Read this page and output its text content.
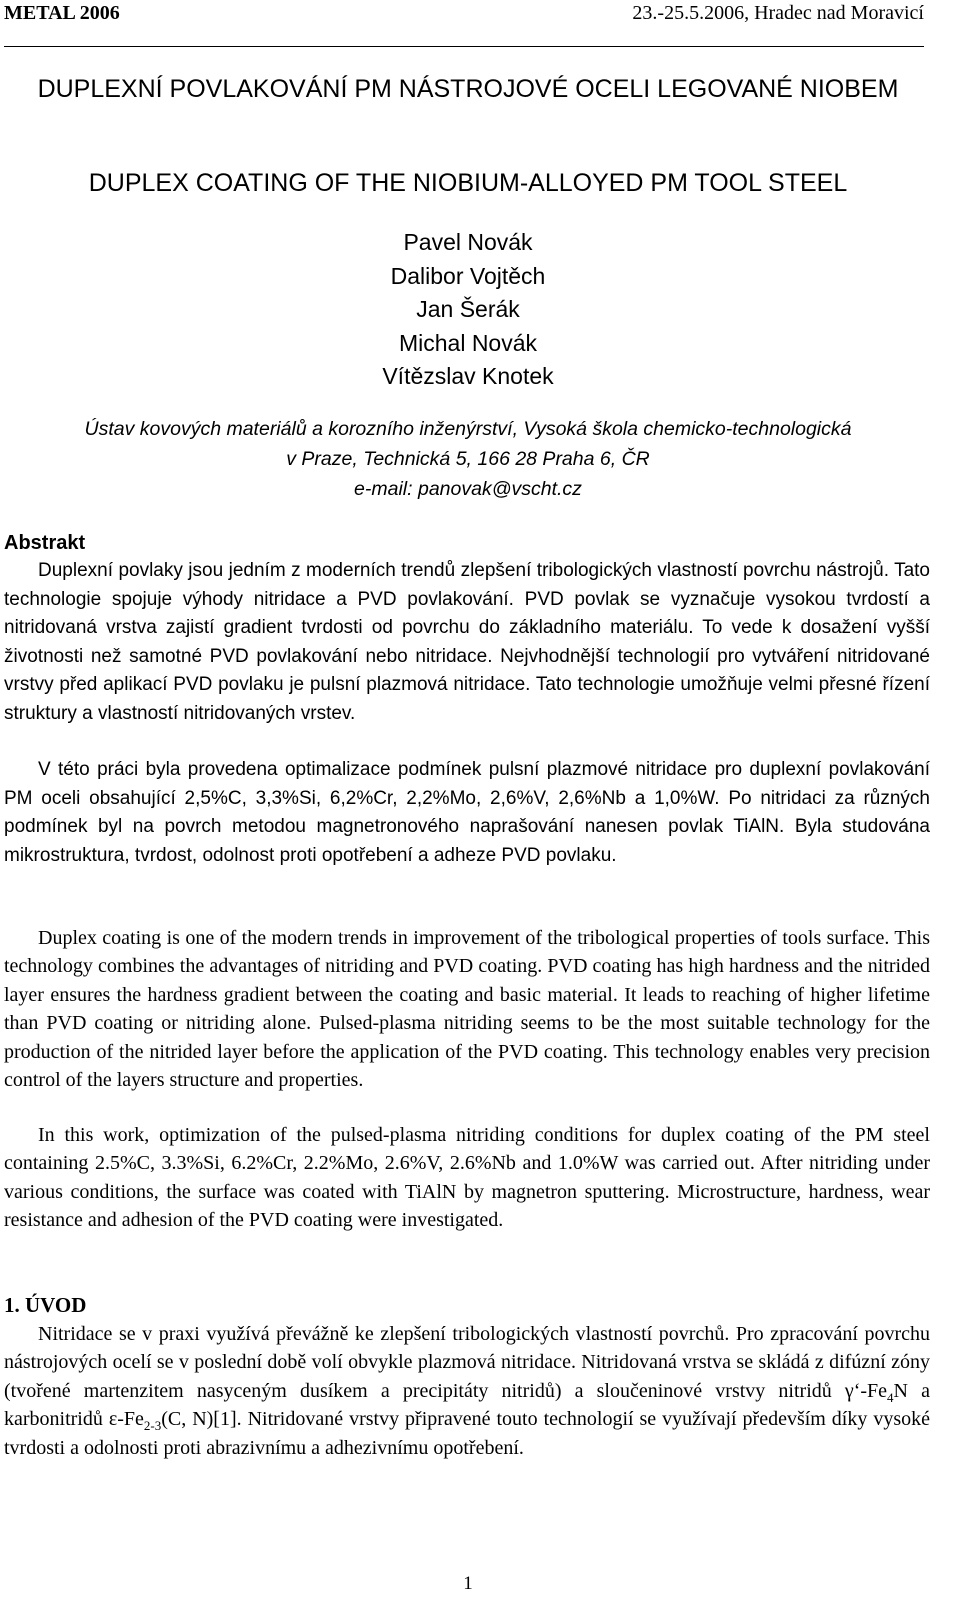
METAL 2006	23.-25.5.2006, Hradec nad Moravicí
DUPLEXNÍ POVLAKOVÁNÍ PM NÁSTROJOVÉ OCELI LEGOVANÉ NIOBEM
DUPLEX COATING OF THE NIOBIUM-ALLOYED PM TOOL STEEL
Pavel Novák
Dalibor Vojtěch
Jan Šerák
Michal Novák
Vítězslav Knotek
Ústav kovových materiálů a korozního inženýrství, Vysoká škola chemicko-technologická
v Praze, Technická 5, 166 28 Praha 6, ČR
e-mail: panovak@vscht.cz
Abstrakt
Duplexní povlaky jsou jedním z moderních trendů zlepšení tribologických vlastností povrchu nástrojů. Tato technologie spojuje výhody nitridace a PVD povlakování. PVD povlak se vyznačuje vysokou tvrdostí a nitridovaná vrstva zajistí gradient tvrdosti od povrchu do základního materiálu. To vede k dosažení vyšší životnosti než samotné PVD povlakování nebo nitridace. Nejvhodnější technologií pro vytváření nitridované vrstvy před aplikací PVD povlaku je pulsní plazmová nitridace. Tato technologie umožňuje velmi přesné řízení struktury a vlastností nitridovaných vrstev.
V této práci byla provedena optimalizace podmínek pulsní plazmové nitridace pro duplexní povlakování PM oceli obsahující 2,5%C, 3,3%Si, 6,2%Cr, 2,2%Mo, 2,6%V, 2,6%Nb a 1,0%W. Po nitridaci za různých podmínek byl na povrch metodou magnetronového naprašování nanesen povlak TiAlN. Byla studována mikrostruktura, tvrdost, odolnost proti opotřebení a adheze PVD povlaku.
Duplex coating is one of the modern trends in improvement of the tribological properties of tools surface. This technology combines the advantages of nitriding and PVD coating. PVD coating has high hardness and the nitrided layer ensures the hardness gradient between the coating and basic material. It leads to reaching of higher lifetime than PVD coating or nitriding alone. Pulsed-plasma nitriding seems to be the most suitable technology for the production of the nitrided layer before the application of the PVD coating. This technology enables very precision control of the layers structure and properties.
In this work, optimization of the pulsed-plasma nitriding conditions for duplex coating of the PM steel containing 2.5%C, 3.3%Si, 6.2%Cr, 2.2%Mo, 2.6%V, 2.6%Nb and 1.0%W was carried out. After nitriding under various conditions, the surface was coated with TiAlN by magnetron sputtering. Microstructure, hardness, wear resistance and adhesion of the PVD coating were investigated.
1. ÚVOD
Nitridace se v praxi využívá převážně ke zlepšení tribologických vlastností povrchů. Pro zpracování povrchu nástrojových ocelí se v poslední době volí obvykle plazmová nitridace. Nitridovaná vrstva se skládá z difúzní zóny (tvořené martenzitem nasyceným dusíkem a precipitáty nitridů) a sloučeninové vrstvy nitridů $\gamma‘-Fe_4N$ a karbonitridů $\varepsilon-Fe_{2-3}(C$, N)[1]. Nitridované vrstvy připravené touto technologií se využívají především díky vysoké tvrdosti a odolnosti proti abrazivnímu a adhezivnímu opotřebení.
1
